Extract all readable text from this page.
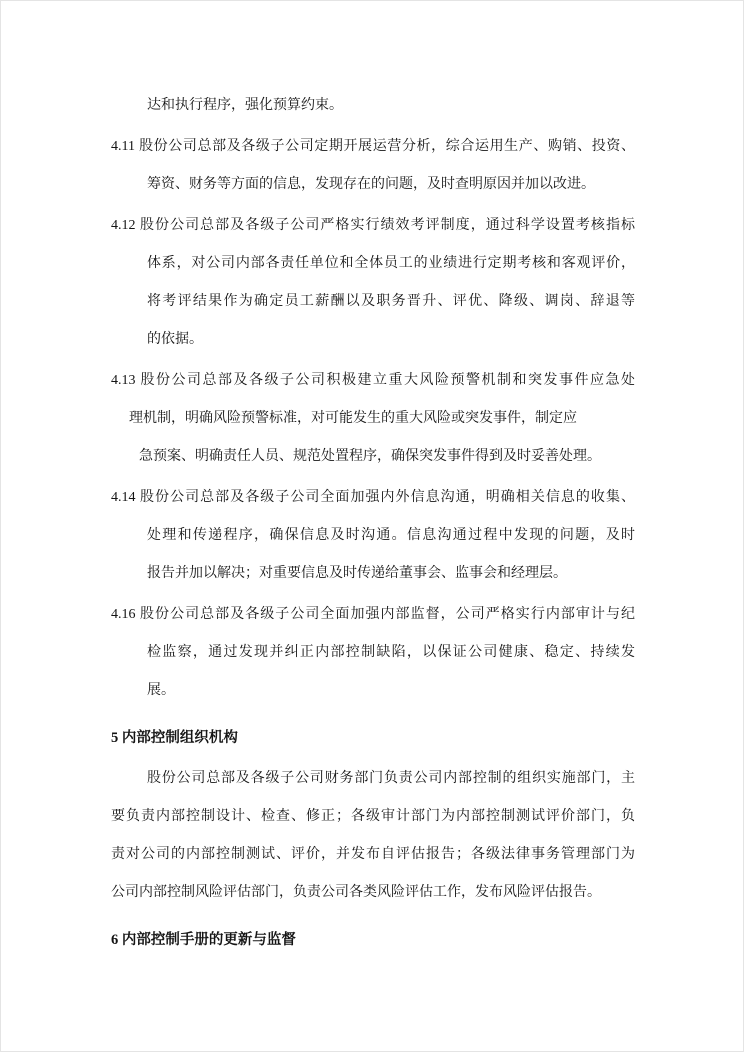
达和执行程序，强化预算约束。
4.11 股份公司总部及各级子公司定期开展运营分析，综合运用生产、购销、投资、
筹资、财务等方面的信息，发现存在的问题，及时查明原因并加以改进。
4.12 股份公司总部及各级子公司严格实行绩效考评制度，通过科学设置考核指标
体系，对公司内部各责任单位和全体员工的业绩进行定期考核和客观评价，
将考评结果作为确定员工薪酬以及职务晋升、评优、降级、调岗、辞退等
的依据。
4.13 股份公司总部及各级子公司积极建立重大风险预警机制和突发事件应急处
理机制，明确风险预警标准，对可能发生的重大风险或突发事件，制定应
急预案、明确责任人员、规范处置程序，确保突发事件得到及时妥善处理。
4.14 股份公司总部及各级子公司全面加强内外信息沟通，明确相关信息的收集、
处理和传递程序，确保信息及时沟通。信息沟通过程中发现的问题，及时
报告并加以解决；对重要信息及时传递给董事会、监事会和经理层。
4.16 股份公司总部及各级子公司全面加强内部监督，公司严格实行内部审计与纪
检监察，通过发现并纠正内部控制缺陷，以保证公司健康、稳定、持续发
展。
5 内部控制组织机构
股份公司总部及各级子公司财务部门负责公司内部控制的组织实施部门，主
要负责内部控制设计、检查、修正；各级审计部门为内部控制测试评价部门，负
责对公司的内部控制测试、评价，并发布自评估报告；各级法律事务管理部门为
公司内部控制风险评估部门，负责公司各类风险评估工作，发布风险评估报告。
6 内部控制手册的更新与监督
